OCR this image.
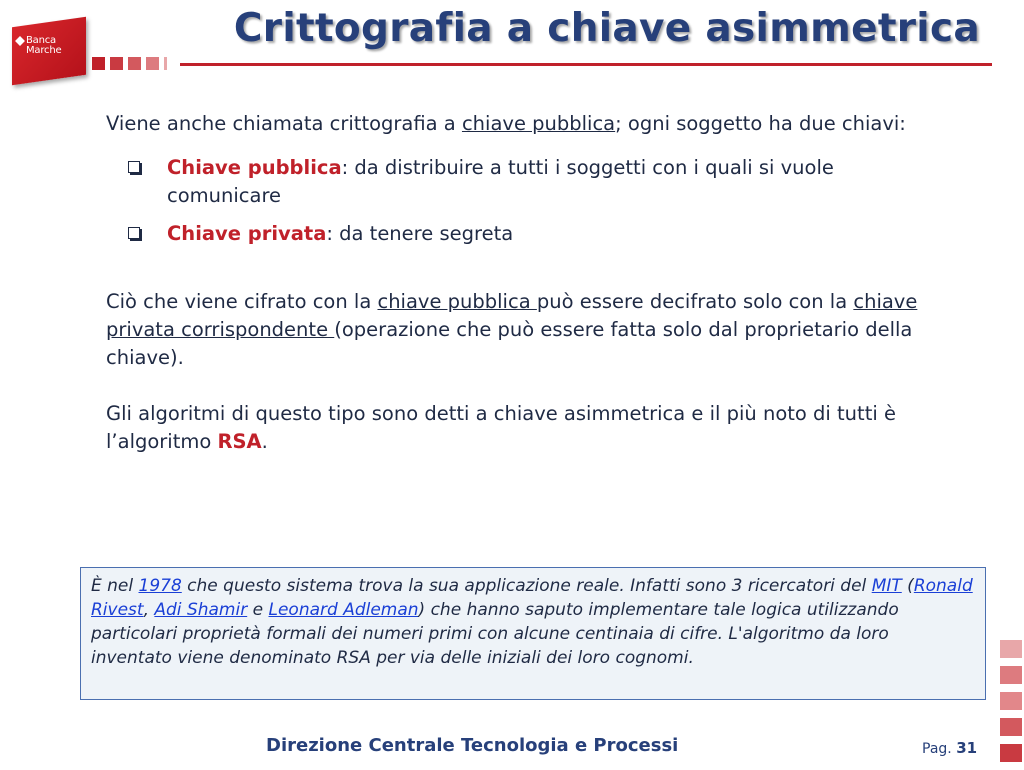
Banca Marche	Crittografia a chiave asimmetrica

Viene anche chiamata crittografia a chiave pubblica; ogni soggetto ha due chiavi:

Chiave pubblica: da distribuire a tutti i soggetti con i quali si vuole comunicare
Chiave privata: da tenere segreta

Ciò che viene cifrato con la chiave pubblica può essere decifrato solo con la chiave privata corrispondente (operazione che può essere fatta solo dal proprietario della chiave).

Gli algoritmi di questo tipo sono detti a chiave asimmetrica e il più noto di tutti è l’algoritmo RSA.

È nel 1978 che questo sistema trova la sua applicazione reale. Infatti sono 3 ricercatori del MIT (Ronald Rivest, Adi Shamir e Leonard Adleman) che hanno saputo implementare tale logica utilizzando particolari proprietà formali dei numeri primi con alcune centinaia di cifre. L'algoritmo da loro inventato viene denominato RSA per via delle iniziali dei loro cognomi.
Direzione Centrale Tecnologia e Processi	Pag. 31
